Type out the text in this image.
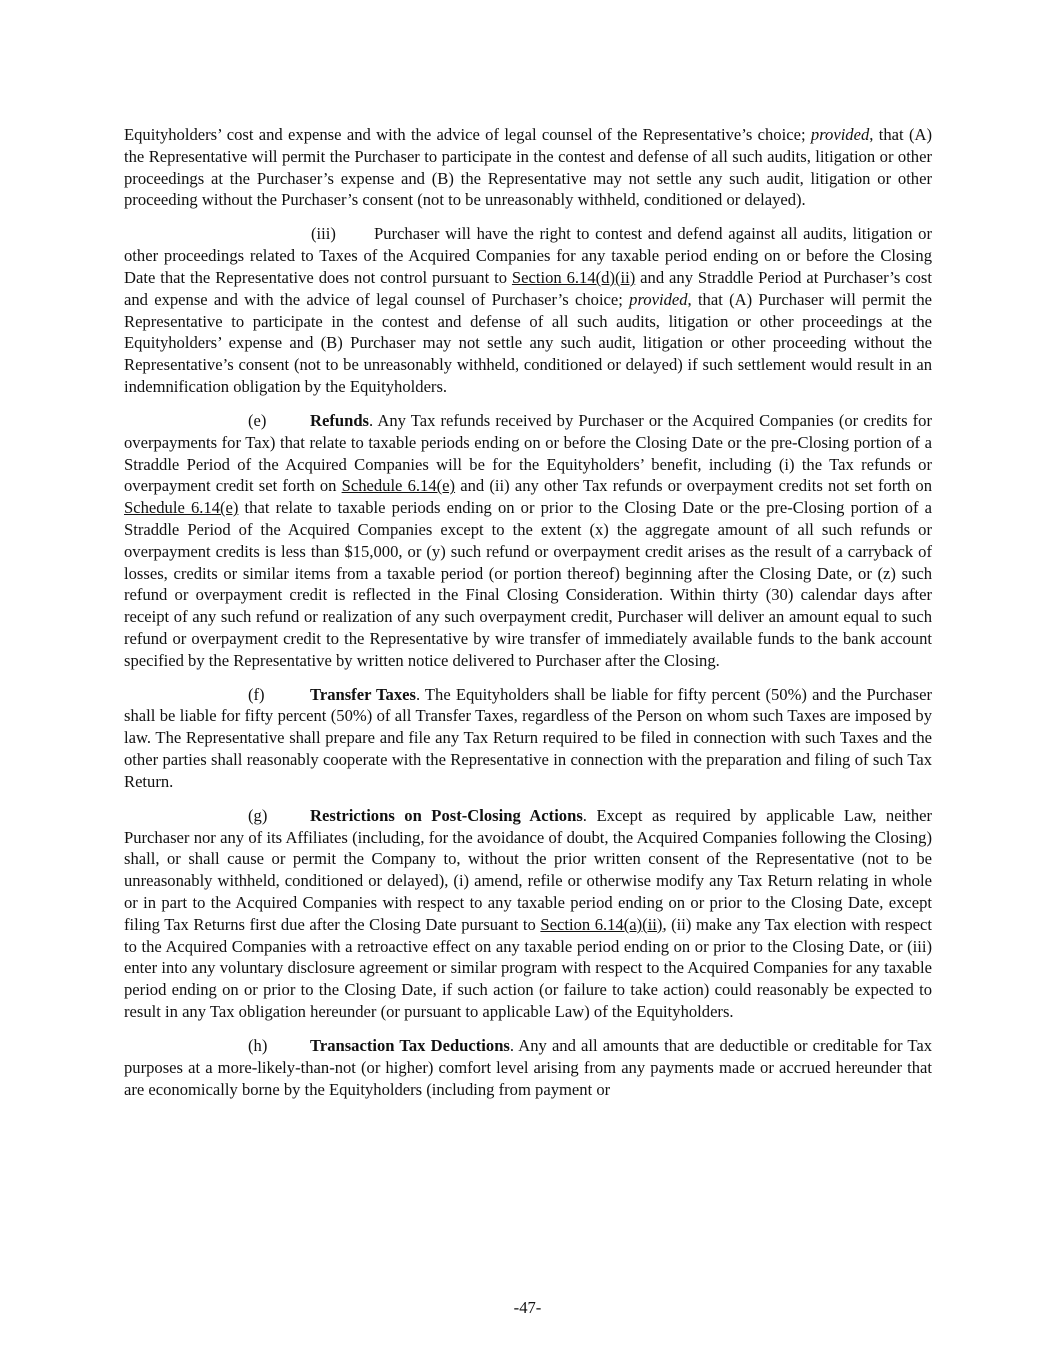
Equityholders’ cost and expense and with the advice of legal counsel of the Representative’s choice; provided, that (A) the Representative will permit the Purchaser to participate in the contest and defense of all such audits, litigation or other proceedings at the Purchaser’s expense and (B) the Representative may not settle any such audit, litigation or other proceeding without the Purchaser’s consent (not to be unreasonably withheld, conditioned or delayed).

(iii) Purchaser will have the right to contest and defend against all audits, litigation or other proceedings related to Taxes of the Acquired Companies for any taxable period ending on or before the Closing Date that the Representative does not control pursuant to Section 6.14(d)(ii) and any Straddle Period at Purchaser’s cost and expense and with the advice of legal counsel of Purchaser’s choice; provided, that (A) Purchaser will permit the Representative to participate in the contest and defense of all such audits, litigation or other proceedings at the Equityholders’ expense and (B) Purchaser may not settle any such audit, litigation or other proceeding without the Representative’s consent (not to be unreasonably withheld, conditioned or delayed) if such settlement would result in an indemnification obligation by the Equityholders.

(e)	Refunds. Any Tax refunds received by Purchaser or the Acquired Companies (or credits for overpayments for Tax) that relate to taxable periods ending on or before the Closing Date or the pre-Closing portion of a Straddle Period of the Acquired Companies will be for the Equityholders’ benefit, including (i) the Tax refunds or overpayment credit set forth on Schedule 6.14(e) and (ii) any other Tax refunds or overpayment credits not set forth on Schedule 6.14(e) that relate to taxable periods ending on or prior to the Closing Date or the pre-Closing portion of a Straddle Period of the Acquired Companies except to the extent (x) the aggregate amount of all such refunds or overpayment credits is less than $15,000, or (y) such refund or overpayment credit arises as the result of a carryback of losses, credits or similar items from a taxable period (or portion thereof) beginning after the Closing Date, or (z) such refund or overpayment credit is reflected in the Final Closing Consideration. Within thirty (30) calendar days after receipt of any such refund or realization of any such overpayment credit, Purchaser will deliver an amount equal to such refund or overpayment credit to the Representative by wire transfer of immediately available funds to the bank account specified by the Representative by written notice delivered to Purchaser after the Closing.

(f)	Transfer Taxes. The Equityholders shall be liable for fifty percent (50%) and the Purchaser shall be liable for fifty percent (50%) of all Transfer Taxes, regardless of the Person on whom such Taxes are imposed by law. The Representative shall prepare and file any Tax Return required to be filed in connection with such Taxes and the other parties shall reasonably cooperate with the Representative in connection with the preparation and filing of such Tax Return.

(g)	Restrictions on Post-Closing Actions. Except as required by applicable Law, neither Purchaser nor any of its Affiliates (including, for the avoidance of doubt, the Acquired Companies following the Closing) shall, or shall cause or permit the Company to, without the prior written consent of the Representative (not to be unreasonably withheld, conditioned or delayed), (i) amend, refile or otherwise modify any Tax Return relating in whole or in part to the Acquired Companies with respect to any taxable period ending on or prior to the Closing Date, except filing Tax Returns first due after the Closing Date pursuant to Section 6.14(a)(ii), (ii) make any Tax election with respect to the Acquired Companies with a retroactive effect on any taxable period ending on or prior to the Closing Date, or (iii) enter into any voluntary disclosure agreement or similar program with respect to the Acquired Companies for any taxable period ending on or prior to the Closing Date, if such action (or failure to take action) could reasonably be expected to result in any Tax obligation hereunder (or pursuant to applicable Law) of the Equityholders.

(h)	Transaction Tax Deductions. Any and all amounts that are deductible or creditable for Tax purposes at a more-likely-than-not (or higher) comfort level arising from any payments made or accrued hereunder that are economically borne by the Equityholders (including from payment or

-47-
